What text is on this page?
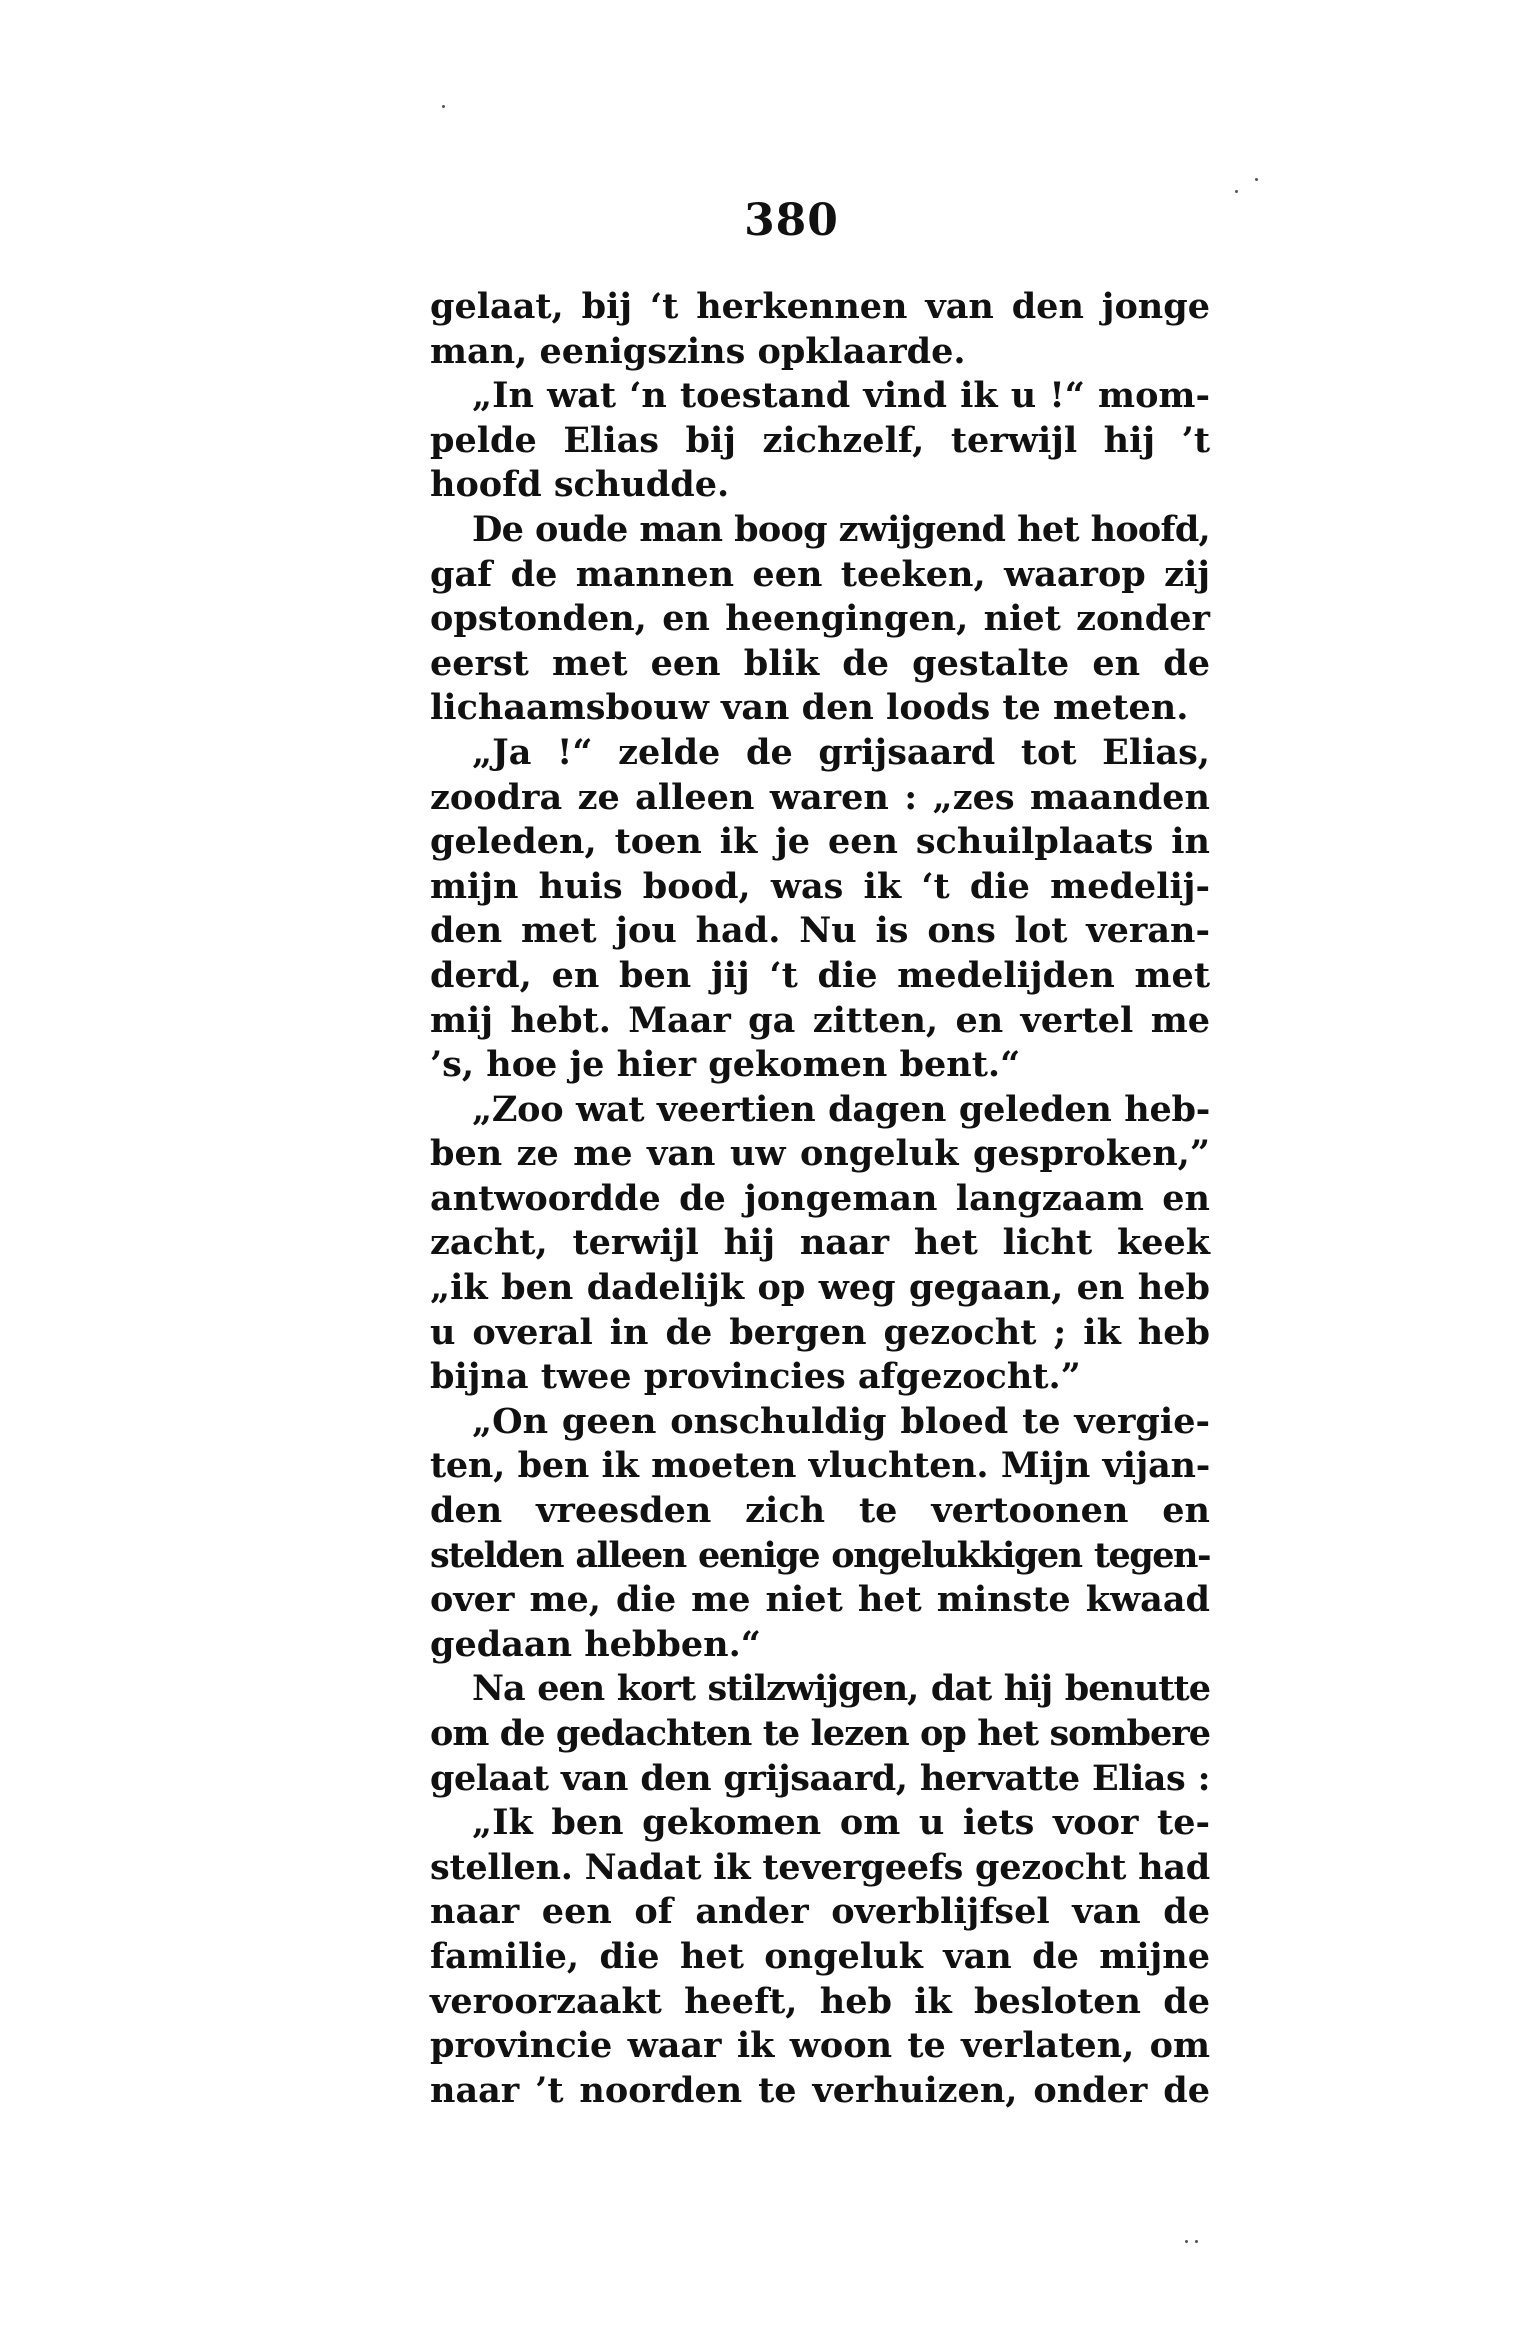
380
gelaat, bij ‘t herkennen van den jonge
man, eenigszins opklaarde.
„In wat ‘n toestand vind ik u !“ mom-
pelde Elias bij zichzelf, terwijl hij ’t
hoofd schudde.
De oude man boog zwijgend het hoofd,
gaf de mannen een teeken, waarop zij
opstonden, en heengingen, niet zonder
eerst met een blik de gestalte en de
lichaamsbouw van den loods te meten.
„Ja !“ zelde de grijsaard tot Elias,
zoodra ze alleen waren : „zes maanden
geleden, toen ik je een schuilplaats in
mijn huis bood, was ik ‘t die medelij-
den met jou had. Nu is ons lot veran-
derd, en ben jij ‘t die medelijden met
mij hebt. Maar ga zitten, en vertel me
’s, hoe je hier gekomen bent.“
„Zoo wat veertien dagen geleden heb-
ben ze me van uw ongeluk gesproken,”
antwoordde de jongeman langzaam en
zacht, terwijl hij naar het licht keek
„ik ben dadelijk op weg gegaan, en heb
u overal in de bergen gezocht ; ik heb
bijna twee provincies afgezocht.”
„On geen onschuldig bloed te vergie-
ten, ben ik moeten vluchten. Mijn vijan-
den vreesden zich te vertoonen en
stelden alleen eenige ongelukkigen tegen-
over me, die me niet het minste kwaad
gedaan hebben.“
Na een kort stilzwijgen, dat hij benutte
om de gedachten te lezen op het sombere
gelaat van den grijsaard, hervatte Elias :
„Ik ben gekomen om u iets voor te-
stellen. Nadat ik tevergeefs gezocht had
naar een of ander overblijfsel van de
familie, die het ongeluk van de mijne
veroorzaakt heeft, heb ik besloten de
provincie waar ik woon te verlaten, om
naar ’t noorden te verhuizen, onder de
